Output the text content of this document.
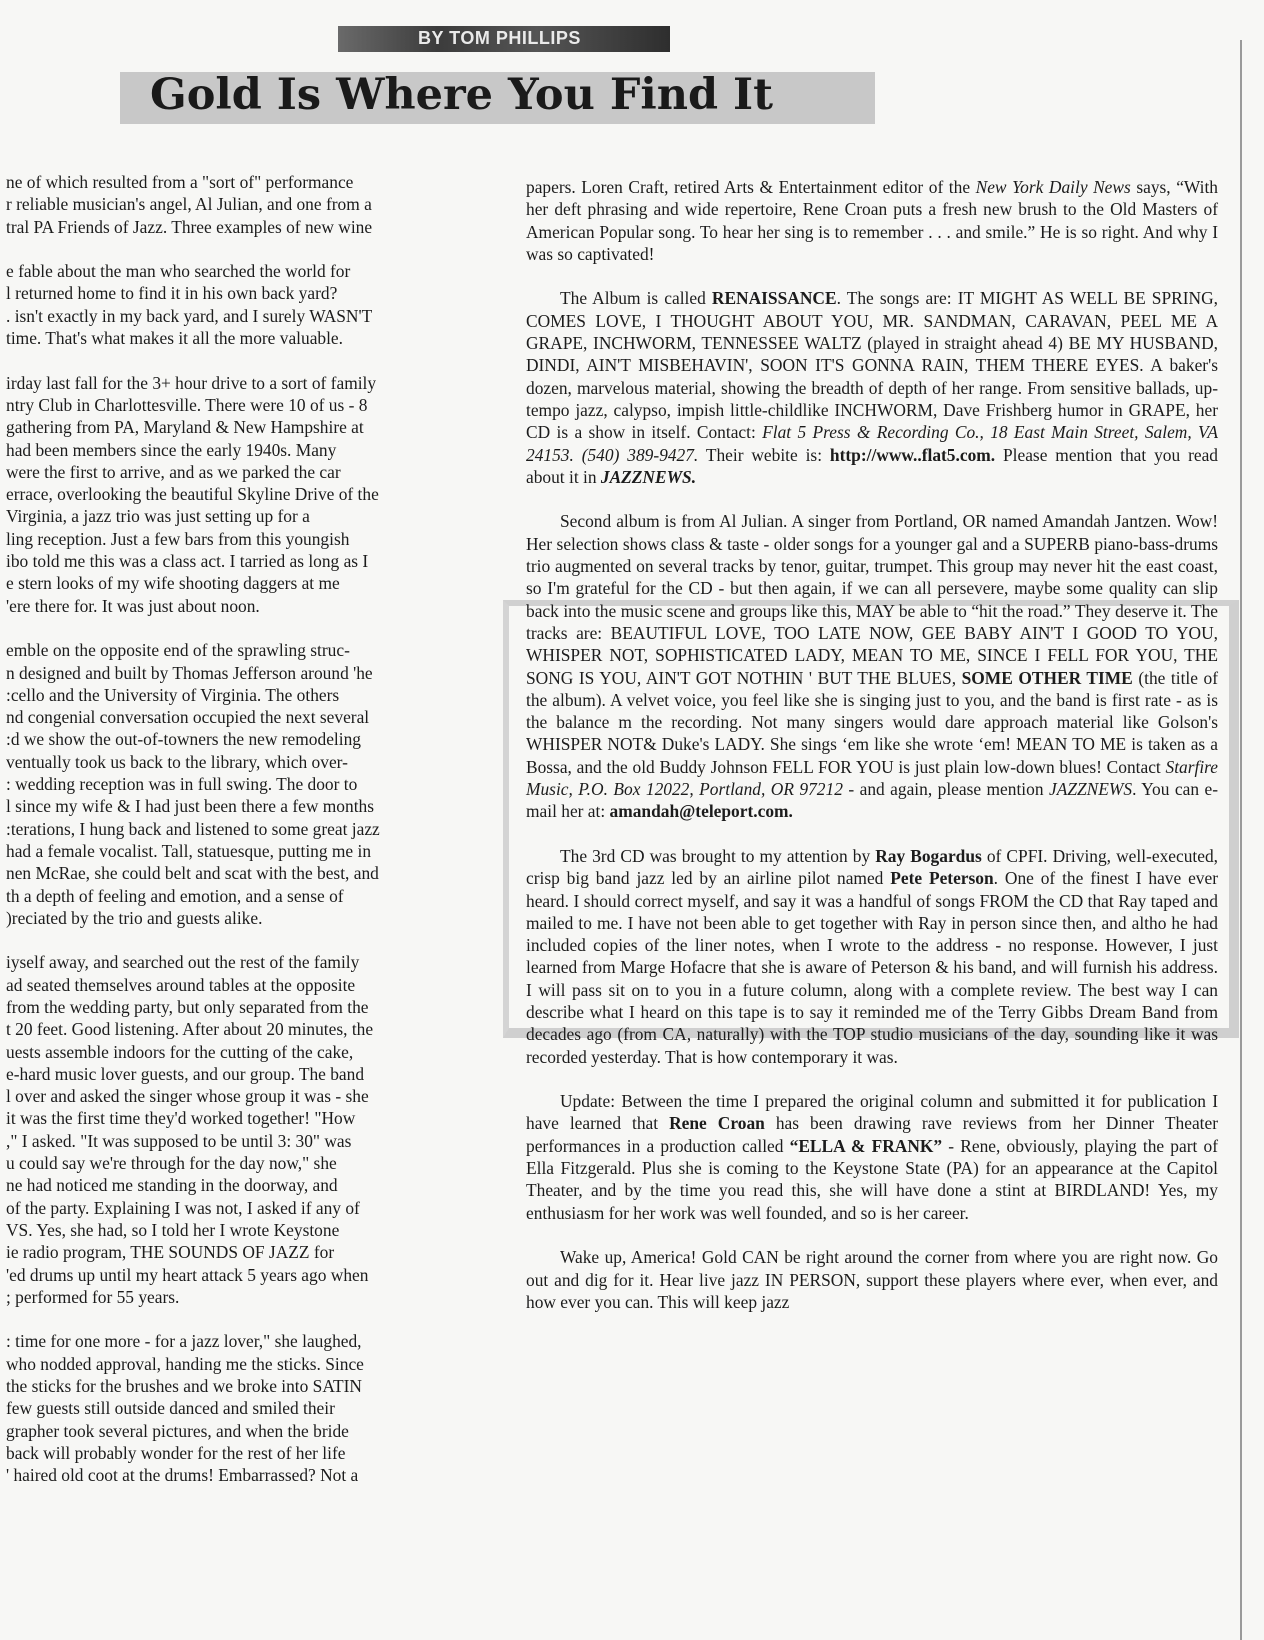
BY TOM PHILLIPS
Gold Is Where You Find It

ne of which resulted from a "sort of" performance
r reliable musician's angel, Al Julian, and one from a
tral PA Friends of Jazz. Three examples of new wine

e fable about the man who searched the world for
l returned home to find it in his own back yard?
. isn't exactly in my back yard, and I surely WASN'T
time. That's what makes it all the more valuable.

irday last fall for the 3+ hour drive to a sort of family
ntry Club in Charlottesville. There were 10 of us - 8
gathering from PA, Maryland & New Hampshire at
had been members since the early 1940s. Many
were the first to arrive, and as we parked the car
errace, overlooking the beautiful Skyline Drive of the
Virginia, a jazz trio was just setting up for a
ling reception. Just a few bars from this youngish
ibo told me this was a class act. I tarried as long as I
e stern looks of my wife shooting daggers at me
'ere there for. It was just about noon.

emble on the opposite end of the sprawling struc-
n designed and built by Thomas Jefferson around 'he
:cello and the University of Virginia. The others
nd congenial conversation occupied the next several
:d we show the out-of-towners the new remodeling
ventually took us back to the library, which over-
: wedding reception was in full swing. The door to
l since my wife & I had just been there a few months
:terations, I hung back and listened to some great jazz
had a female vocalist. Tall, statuesque, putting me in
nen McRae, she could belt and scat with the best, and
th a depth of feeling and emotion, and a sense of
)reciated by the trio and guests alike.

iyself away, and searched out the rest of the family
ad seated themselves around tables at the opposite
from the wedding party, but only separated from the
t 20 feet. Good listening. After about 20 minutes, the
uests assemble indoors for the cutting of the cake,
e-hard music lover guests, and our group. The band
l over and asked the singer whose group it was - she
it was the first time they'd worked together! "How
," I asked. "It was supposed to be until 3: 30" was
u could say we're through for the day now," she
ne had noticed me standing in the doorway, and
of the party. Explaining I was not, I asked if any of
VS. Yes, she had, so I told her I wrote Keystone
ie radio program, THE SOUNDS OF JAZZ for
'ed drums up until my heart attack 5 years ago when
; performed for 55 years.

: time for one more - for a jazz lover," she laughed,
who nodded approval, handing me the sticks. Since
the sticks for the brushes and we broke into SATIN
few guests still outside danced and smiled their
grapher took several pictures, and when the bride
back will probably wonder for the rest of her life
' haired old coot at the drums! Embarrassed? Not a

papers. Loren Craft, retired Arts & Entertainment editor of the New York Daily News says, “With her deft phrasing and wide repertoire, Rene Croan puts a fresh new brush to the Old Masters of American Popular song. To hear her sing is to remember . . . and smile.” He is so right. And why I was so captivated!

The Album is called RENAISSANCE. The songs are: IT MIGHT AS WELL BE SPRING, COMES LOVE, I THOUGHT ABOUT YOU, MR. SANDMAN, CARAVAN, PEEL ME A GRAPE, INCHWORM, TENNESSEE WALTZ (played in straight ahead 4) BE MY HUSBAND, DINDI, AIN'T MISBEHAVIN', SOON IT'S GONNA RAIN, THEM THERE EYES. A baker's dozen, marvelous material, showing the breadth of depth of her range. From sensitive ballads, up-tempo jazz, calypso, impish little-childlike INCHWORM, Dave Frishberg humor in GRAPE, her CD is a show in itself. Contact: Flat 5 Press & Recording Co., 18 East Main Street, Salem, VA 24153. (540) 389-9427. Their webite is: http://www..flat5.com. Please mention that you read about it in JAZZNEWS.

Second album is from Al Julian. A singer from Portland, OR named Amandah Jantzen. Wow! Her selection shows class & taste - older songs for a younger gal and a SUPERB piano-bass-drums trio augmented on several tracks by tenor, guitar, trumpet. This group may never hit the east coast, so I'm grateful for the CD - but then again, if we can all persevere, maybe some quality can slip back into the music scene and groups like this, MAY be able to “hit the road.” They deserve it. The tracks are: BEAUTIFUL LOVE, TOO LATE NOW, GEE BABY AIN'T I GOOD TO YOU, WHISPER NOT, SOPHISTICATED LADY, MEAN TO ME, SINCE I FELL FOR YOU, THE SONG IS YOU, AIN'T GOT NOTHIN ' BUT THE BLUES, SOME OTHER TIME (the title of the album). A velvet voice, you feel like she is singing just to you, and the band is first rate - as is the balance m the recording. Not many singers would dare approach material like Golson's WHISPER NOT& Duke's LADY. She sings ‘em like she wrote ‘em! MEAN TO ME is taken as a Bossa, and the old Buddy Johnson FELL FOR YOU is just plain low-down blues! Contact Starfire Music, P.O. Box 12022, Portland, OR 97212 - and again, please mention JAZZNEWS. You can e-mail her at: amandah@teleport.com.

The 3rd CD was brought to my attention by Ray Bogardus of CPFI. Driving, well-executed, crisp big band jazz led by an airline pilot named Pete Peterson. One of the finest I have ever heard. I should correct myself, and say it was a handful of songs FROM the CD that Ray taped and mailed to me. I have not been able to get together with Ray in person since then, and altho he had included copies of the liner notes, when I wrote to the address - no response. However, I just learned from Marge Hofacre that she is aware of Peterson & his band, and will furnish his address. I will pass sit on to you in a future column, along with a complete review. The best way I can describe what I heard on this tape is to say it reminded me of the Terry Gibbs Dream Band from decades ago (from CA, naturally) with the TOP studio musicians of the day, sounding like it was recorded yesterday. That is how contemporary it was.

Update: Between the time I prepared the original column and submitted it for publication I have learned that Rene Croan has been drawing rave reviews from her Dinner Theater performances in a production called “ELLA & FRANK” - Rene, obviously, playing the part of Ella Fitzgerald. Plus she is coming to the Keystone State (PA) for an appearance at the Capitol Theater, and by the time you read this, she will have done a stint at BIRDLAND! Yes, my enthusiasm for her work was well founded, and so is her career.

Wake up, America! Gold CAN be right around the corner from where you are right now. Go out and dig for it. Hear live jazz IN PERSON, support these players where ever, when ever, and how ever you can. This will keep jazz
